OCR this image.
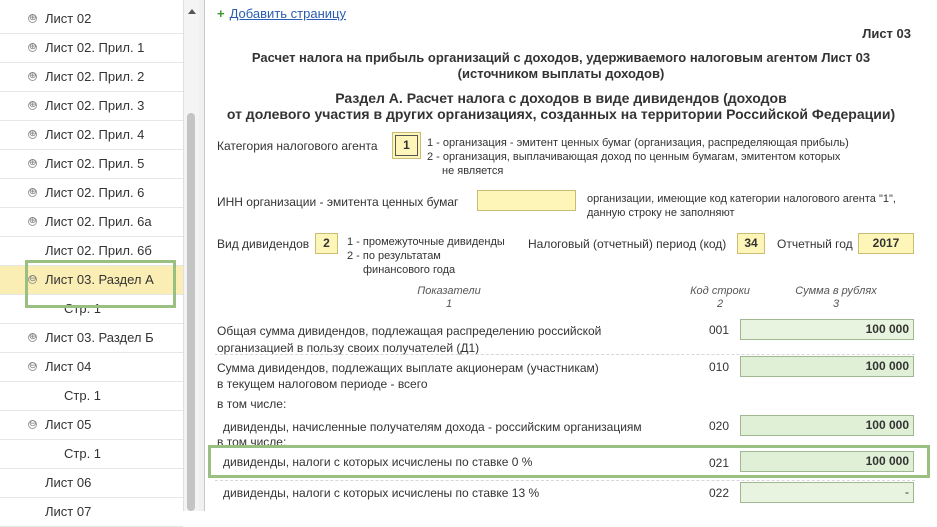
⊕ Лист 02
⊕ Лист 02. Прил. 1
⊕ Лист 02. Прил. 2
⊕ Лист 02. Прил. 3
⊕ Лист 02. Прил. 4
⊕ Лист 02. Прил. 5
⊕ Лист 02. Прил. 6
⊕ Лист 02. Прил. 6а
Лист 02. Прил. 6б
⊖ Лист 03. Раздел А
Стр. 1
⊕ Лист 03. Раздел Б
⊖ Лист 04
Стр. 1
⊖ Лист 05
Стр. 1
Лист 06
Лист 07
+ Добавить страницу
Лист 03
Расчет налога на прибыль организаций с доходов, удерживаемого налоговым агентом Лист 03
(источником выплаты доходов)
Раздел А. Расчет налога с доходов в виде дивидендов (доходов
от долевого участия в других организациях, созданных на территории Российской Федерации)
Категория налогового агента	1	1 - организация - эмитент ценных бумаг (организация, распределяющая прибыль)
2 - организация, выплачивающая доход по ценным бумагам, эмитентом которых
не является
ИНН организации - эмитента ценных бумаг	организации, имеющие код категории налогового агента "1",
данную строку не заполняют
Вид дивидендов	2	1 - промежуточные дивиденды
2 - по результатам
финансового года
Налоговый (отчетный) период (код)	34	Отчетный год	2017
Показатели
1
Код строки
2
Сумма в рублях
3
Общая сумма дивидендов, подлежащая распределению российской
организацией в пользу своих получателей (Д1)
001	100 000
Сумма дивидендов, подлежащих выплате акционерам (участникам)
в текущем налоговом периоде - всего
010	100 000
в том числе:
дивиденды, начисленные получателям дохода - российским организациям
в том числе:
020	100 000
дивиденды, налоги с которых исчислены по ставке 0 %	021	100 000
дивиденды, налоги с которых исчислены по ставке 13 %	022	-
